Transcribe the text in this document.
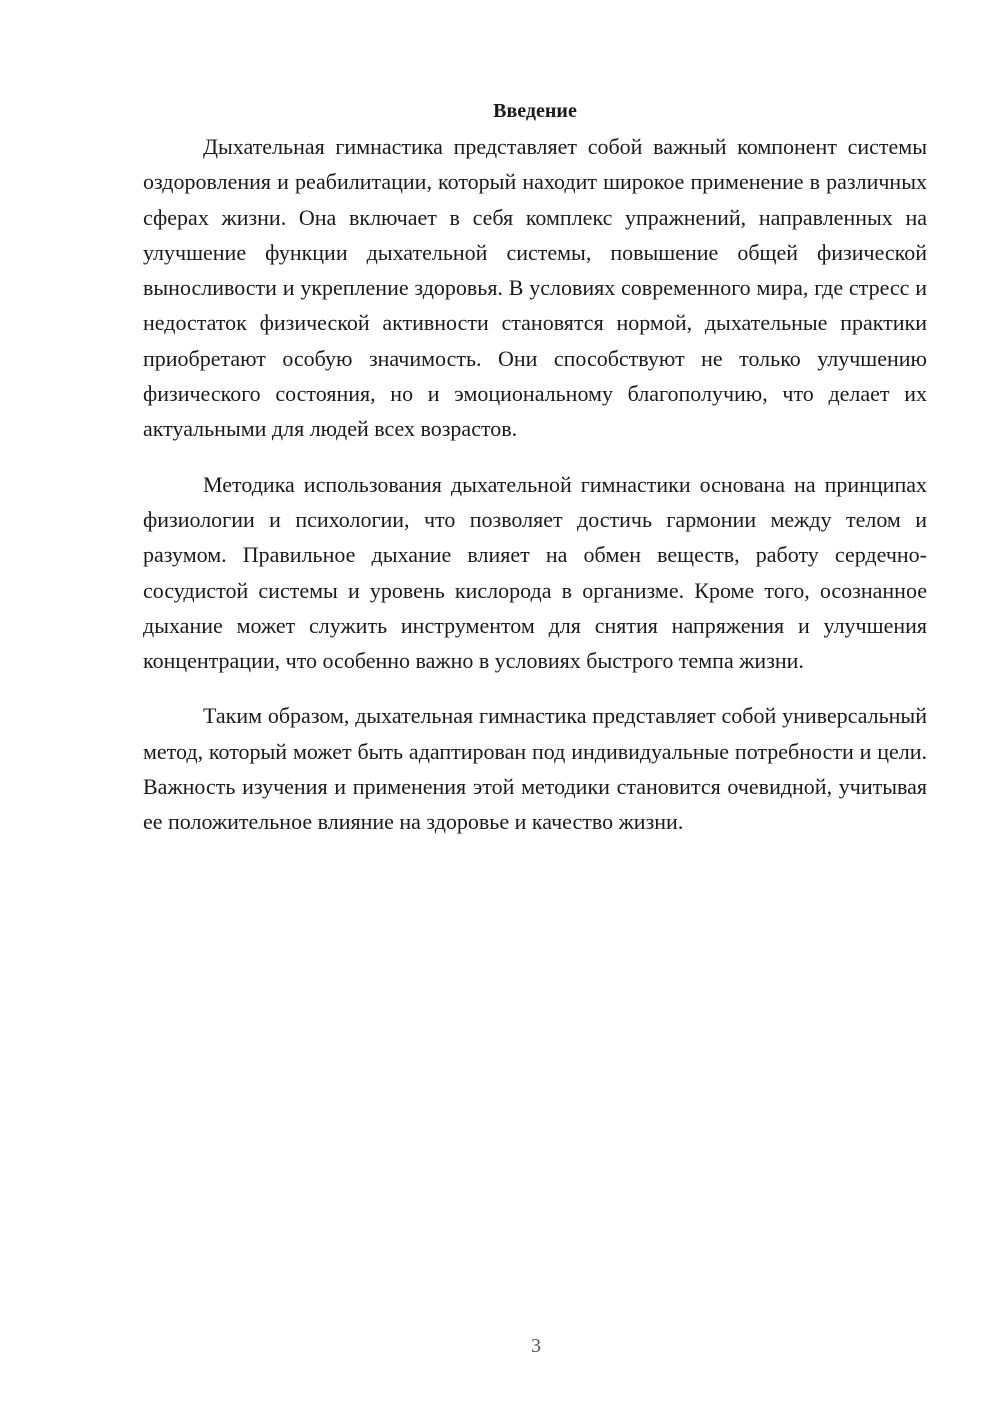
Введение

Дыхательная гимнастика представляет собой важный компонент системы оздоровления и реабилитации, который находит широкое применение в различных сферах жизни. Она включает в себя комплекс упражнений, направленных на улучшение функции дыхательной системы, повышение общей физической выносливости и укрепление здоровья. В условиях современного мира, где стресс и недостаток физической активности становятся нормой, дыхательные практики приобретают особую значимость. Они способствуют не только улучшению физического состояния, но и эмоциональному благополучию, что делает их актуальными для людей всех возрастов.

Методика использования дыхательной гимнастики основана на принципах физиологии и психологии, что позволяет достичь гармонии между телом и разумом. Правильное дыхание влияет на обмен веществ, работу сердечно-сосудистой системы и уровень кислорода в организме. Кроме того, осознанное дыхание может служить инструментом для снятия напряжения и улучшения концентрации, что особенно важно в условиях быстрого темпа жизни.

Таким образом, дыхательная гимнастика представляет собой универсальный метод, который может быть адаптирован под индивидуальные потребности и цели. Важность изучения и применения этой методики становится очевидной, учитывая ее положительное влияние на здоровье и качество жизни.

3
